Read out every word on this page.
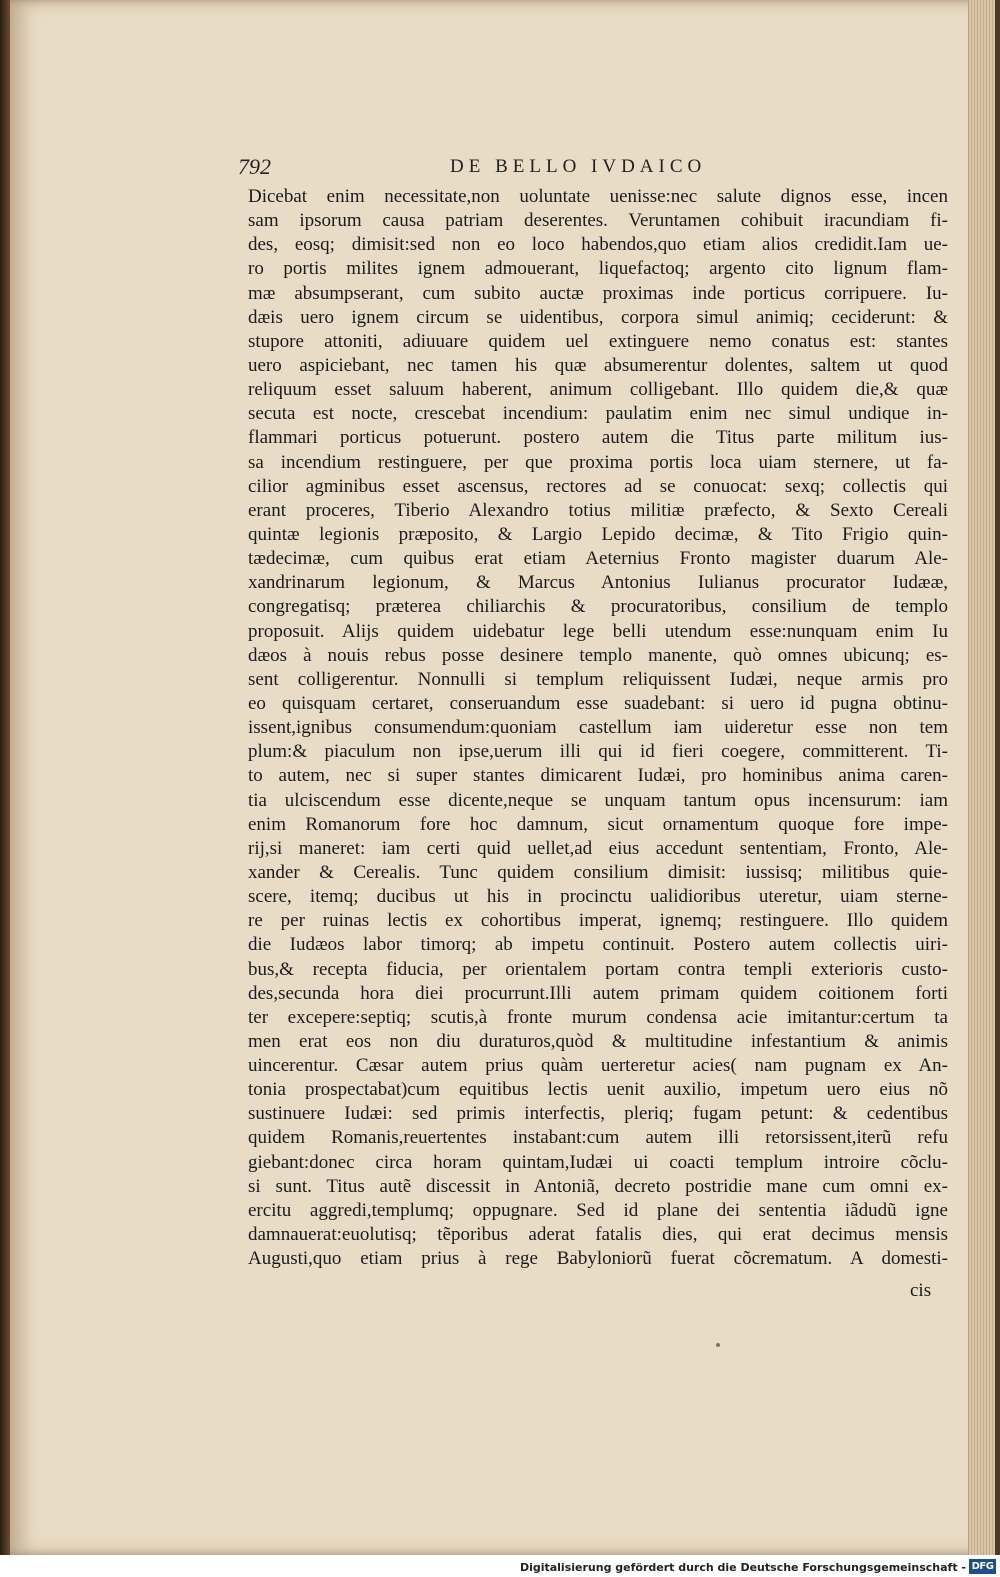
792	DE BELLO IVDAICO
Dicebat enim necessitate,non uoluntate uenisse:nec salute dignos esse, incen
sam ipsorum causa patriam deserentes. Veruntamen cohibuit iracundiam fi-
des, eosq; dimisit:sed non eo loco habendos,quo etiam alios credidit.Iam ue-
ro portis milites ignem admouerant, liquefactoq; argento cito lignum flam-
mæ absumpserant, cum subito auctæ proximas inde porticus corripuere. Iu-
dæis uero ignem circum se uidentibus, corpora simul animiq; ceciderunt: &
stupore attoniti, adiuuare quidem uel extinguere nemo conatus est: stantes
uero aspiciebant, nec tamen his quæ absumerentur dolentes, saltem ut quod
reliquum esset saluum haberent, animum colligebant. Illo quidem die,& quæ
secuta est nocte, crescebat incendium: paulatim enim nec simul undique in-
flammari porticus potuerunt. postero autem die Titus parte militum ius-
sa incendium restinguere, per que proxima portis loca uiam sternere, ut fa-
cilior agminibus esset ascensus, rectores ad se conuocat: sexq; collectis qui
erant proceres, Tiberio Alexandro totius militiæ præfecto, & Sexto Cereali
quintæ legionis præposito, & Largio Lepido decimæ, & Tito Frigio quin-
tædecimæ, cum quibus erat etiam Aeternius Fronto magister duarum Ale-
xandrinarum legionum, & Marcus Antonius Iulianus procurator Iudææ,
congregatisq; præterea chiliarchis & procuratoribus, consilium de templo
proposuit. Alijs quidem uidebatur lege belli utendum esse:nunquam enim Iu
dæos à nouis rebus posse desinere templo manente, quò omnes ubicunq; es-
sent colligerentur. Nonnulli si templum reliquissent Iudæi, neque armis pro
eo quisquam certaret, conseruandum esse suadebant: si uero id pugna obtinu-
issent,ignibus consumendum:quoniam castellum iam uideretur esse non tem
plum:& piaculum non ipse,uerum illi qui id fieri coegere, committerent. Ti-
to autem, nec si super stantes dimicarent Iudæi, pro hominibus anima caren-
tia ulciscendum esse dicente,neque se unquam tantum opus incensurum: iam
enim Romanorum fore hoc damnum, sicut ornamentum quoque fore impe-
rij,si maneret: iam certi quid uellet,ad eius accedunt sententiam, Fronto, Ale-
xander & Cerealis. Tunc quidem consilium dimisit: iussisq; militibus quie-
scere, itemq; ducibus ut his in procinctu ualidioribus uteretur, uiam sterne-
re per ruinas lectis ex cohortibus imperat, ignemq; restinguere. Illo quidem
die Iudæos labor timorq; ab impetu continuit. Postero autem collectis uiri-
bus,& recepta fiducia, per orientalem portam contra templi exterioris custo-
des,secunda hora diei procurrunt.Illi autem primam quidem coitionem forti
ter excepere:septiq; scutis,à fronte murum condensa acie imitantur:certum ta
men erat eos non diu duraturos,quòd & multitudine infestantium & animis
uincerentur. Cæsar autem prius quàm uerteretur acies( nam pugnam ex An-
tonia prospectabat)cum equitibus lectis uenit auxilio, impetum uero eius nõ
sustinuere Iudæi: sed primis interfectis, pleriq; fugam petunt: & cedentibus
quidem Romanis,reuertentes instabant:cum autem illi retorsissent,iterũ refu
giebant:donec circa horam quintam,Iudæi ui coacti templum introire cõclu-
si sunt. Titus autẽ discessit in Antoniã, decreto postridie mane cum omni ex-
ercitu aggredi,templumq; oppugnare. Sed id plane dei sententia iãdudũ igne
damnauerat:euolutisq; tẽporibus aderat fatalis dies, qui erat decimus mensis
Augusti,quo etiam prius à rege Babyloniorũ fuerat cõcrematum. A domesti-
cis
Digitalisierung gefördert durch die Deutsche Forschungsgemeinschaft - DFG
